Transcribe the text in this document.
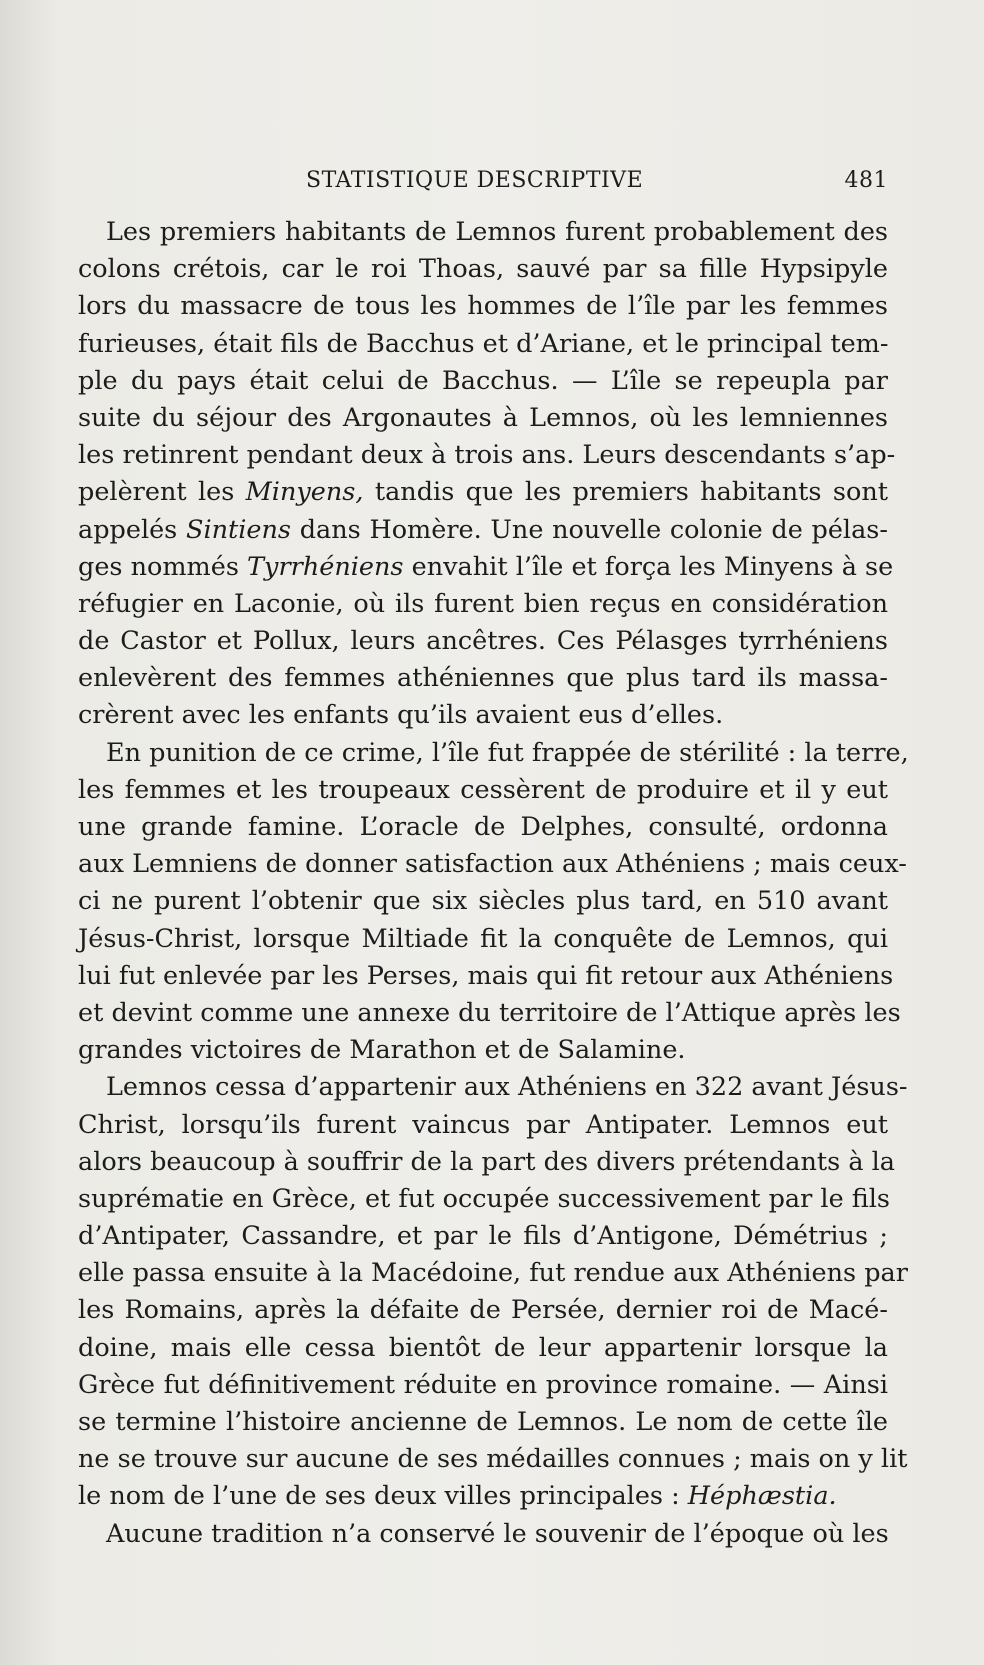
STATISTIQUE DESCRIPTIVE	481
Les premiers habitants de Lemnos furent probablement des
colons crétois, car le roi Thoas, sauvé par sa fille Hypsipyle
lors du massacre de tous les hommes de l’île par les femmes
furieuses, était fils de Bacchus et d’Ariane, et le principal tem-
ple du pays était celui de Bacchus. — L’île se repeupla par
suite du séjour des Argonautes à Lemnos, où les lemniennes
les retinrent pendant deux à trois ans. Leurs descendants s’ap-
pelèrent les Minyens, tandis que les premiers habitants sont
appelés Sintiens dans Homère. Une nouvelle colonie de pélas-
ges nommés Tyrrhéniens envahit l’île et força les Minyens à se
réfugier en Laconie, où ils furent bien reçus en considération
de Castor et Pollux, leurs ancêtres. Ces Pélasges tyrrhéniens
enlevèrent des femmes athéniennes que plus tard ils massa-
crèrent avec les enfants qu’ils avaient eus d’elles.
En punition de ce crime, l’île fut frappée de stérilité : la terre,
les femmes et les troupeaux cessèrent de produire et il y eut
une grande famine. L’oracle de Delphes, consulté, ordonna
aux Lemniens de donner satisfaction aux Athéniens ; mais ceux-
ci ne purent l’obtenir que six siècles plus tard, en 510 avant
Jésus-Christ, lorsque Miltiade fit la conquête de Lemnos, qui
lui fut enlevée par les Perses, mais qui fit retour aux Athéniens
et devint comme une annexe du territoire de l’Attique après les
grandes victoires de Marathon et de Salamine.
Lemnos cessa d’appartenir aux Athéniens en 322 avant Jésus-
Christ, lorsqu’ils furent vaincus par Antipater. Lemnos eut
alors beaucoup à souffrir de la part des divers prétendants à la
suprématie en Grèce, et fut occupée successivement par le fils
d’Antipater, Cassandre, et par le fils d’Antigone, Démétrius ;
elle passa ensuite à la Macédoine, fut rendue aux Athéniens par
les Romains, après la défaite de Persée, dernier roi de Macé-
doine, mais elle cessa bientôt de leur appartenir lorsque la
Grèce fut définitivement réduite en province romaine. — Ainsi
se termine l’histoire ancienne de Lemnos. Le nom de cette île
ne se trouve sur aucune de ses médailles connues ; mais on y lit
le nom de l’une de ses deux villes principales : Héphæstia.
Aucune tradition n’a conservé le souvenir de l’époque où les
